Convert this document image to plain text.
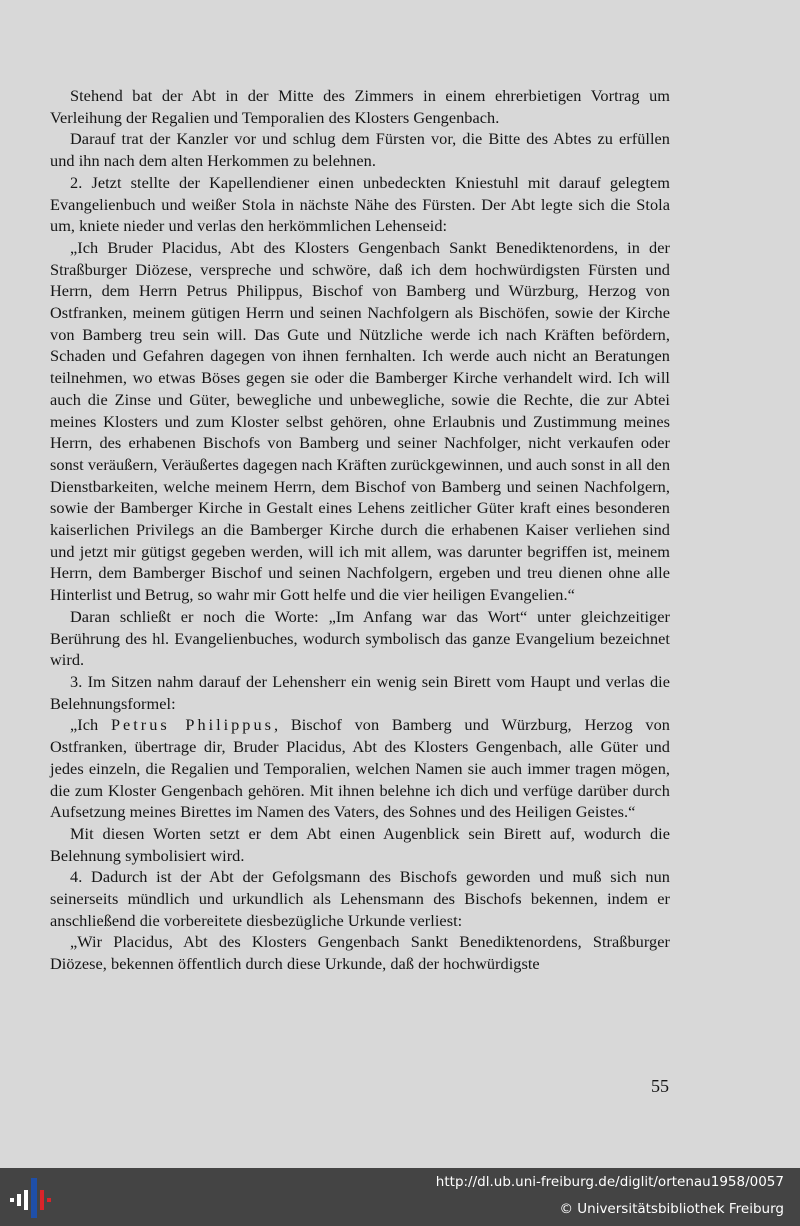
Stehend bat der Abt in der Mitte des Zimmers in einem ehrerbietigen Vortrag um Verleihung der Regalien und Temporalien des Klosters Gengenbach.

Darauf trat der Kanzler vor und schlug dem Fürsten vor, die Bitte des Abtes zu erfüllen und ihn nach dem alten Herkommen zu belehnen.

2. Jetzt stellte der Kapellendiener einen unbedeckten Kniestuhl mit darauf gelegtem Evangelienbuch und weißer Stola in nächste Nähe des Fürsten. Der Abt legte sich die Stola um, kniete nieder und verlas den herkömmlichen Lehenseid:

„Ich Bruder Placidus, Abt des Klosters Gengenbach Sankt Benediktenordens, in der Straßburger Diözese, verspreche und schwöre, daß ich dem hochwürdigsten Fürsten und Herrn, dem Herrn Petrus Philippus, Bischof von Bamberg und Würzburg, Herzog von Ostfranken, meinem gütigen Herrn und seinen Nachfolgern als Bischöfen, sowie der Kirche von Bamberg treu sein will. Das Gute und Nützliche werde ich nach Kräften befördern, Schaden und Gefahren dagegen von ihnen fernhalten. Ich werde auch nicht an Beratungen teilnehmen, wo etwas Böses gegen sie oder die Bamberger Kirche verhandelt wird. Ich will auch die Zinse und Güter, bewegliche und unbewegliche, sowie die Rechte, die zur Abtei meines Klosters und zum Kloster selbst gehören, ohne Erlaubnis und Zustimmung meines Herrn, des erhabenen Bischofs von Bamberg und seiner Nachfolger, nicht verkaufen oder sonst veräußern, Veräußertes dagegen nach Kräften zurückgewinnen, und auch sonst in all den Dienstbarkeiten, welche meinem Herrn, dem Bischof von Bamberg und seinen Nachfolgern, sowie der Bamberger Kirche in Gestalt eines Lehens zeitlicher Güter kraft eines besonderen kaiserlichen Privilegs an die Bamberger Kirche durch die erhabenen Kaiser verliehen sind und jetzt mir gütigst gegeben werden, will ich mit allem, was darunter begriffen ist, meinem Herrn, dem Bamberger Bischof und seinen Nachfolgern, ergeben und treu dienen ohne alle Hinterlist und Betrug, so wahr mir Gott helfe und die vier heiligen Evangelien.“

Daran schließt er noch die Worte: „Im Anfang war das Wort“ unter gleichzeitiger Berührung des hl. Evangelienbuches, wodurch symbolisch das ganze Evangelium bezeichnet wird.

3. Im Sitzen nahm darauf der Lehensherr ein wenig sein Birett vom Haupt und verlas die Belehnungsformel:

„Ich Petrus Philippus, Bischof von Bamberg und Würzburg, Herzog von Ostfranken, übertrage dir, Bruder Placidus, Abt des Klosters Gengenbach, alle Güter und jedes einzeln, die Regalien und Temporalien, welchen Namen sie auch immer tragen mögen, die zum Kloster Gengenbach gehören. Mit ihnen belehne ich dich und verfüge darüber durch Aufsetzung meines Birettes im Namen des Vaters, des Sohnes und des Heiligen Geistes.“

Mit diesen Worten setzt er dem Abt einen Augenblick sein Birett auf, wodurch die Belehnung symbolisiert wird.

4. Dadurch ist der Abt der Gefolgsmann des Bischofs geworden und muß sich nun seinerseits mündlich und urkundlich als Lehensmann des Bischofs bekennen, indem er anschließend die vorbereitete diesbezügliche Urkunde verliest:

„Wir Placidus, Abt des Klosters Gengenbach Sankt Benediktenordens, Straßburger Diözese, bekennen öffentlich durch diese Urkunde, daß der hochwürdigste

55
http://dl.ub.uni-freiburg.de/diglit/ortenau1958/0057
© Universitätsbibliothek Freiburg
